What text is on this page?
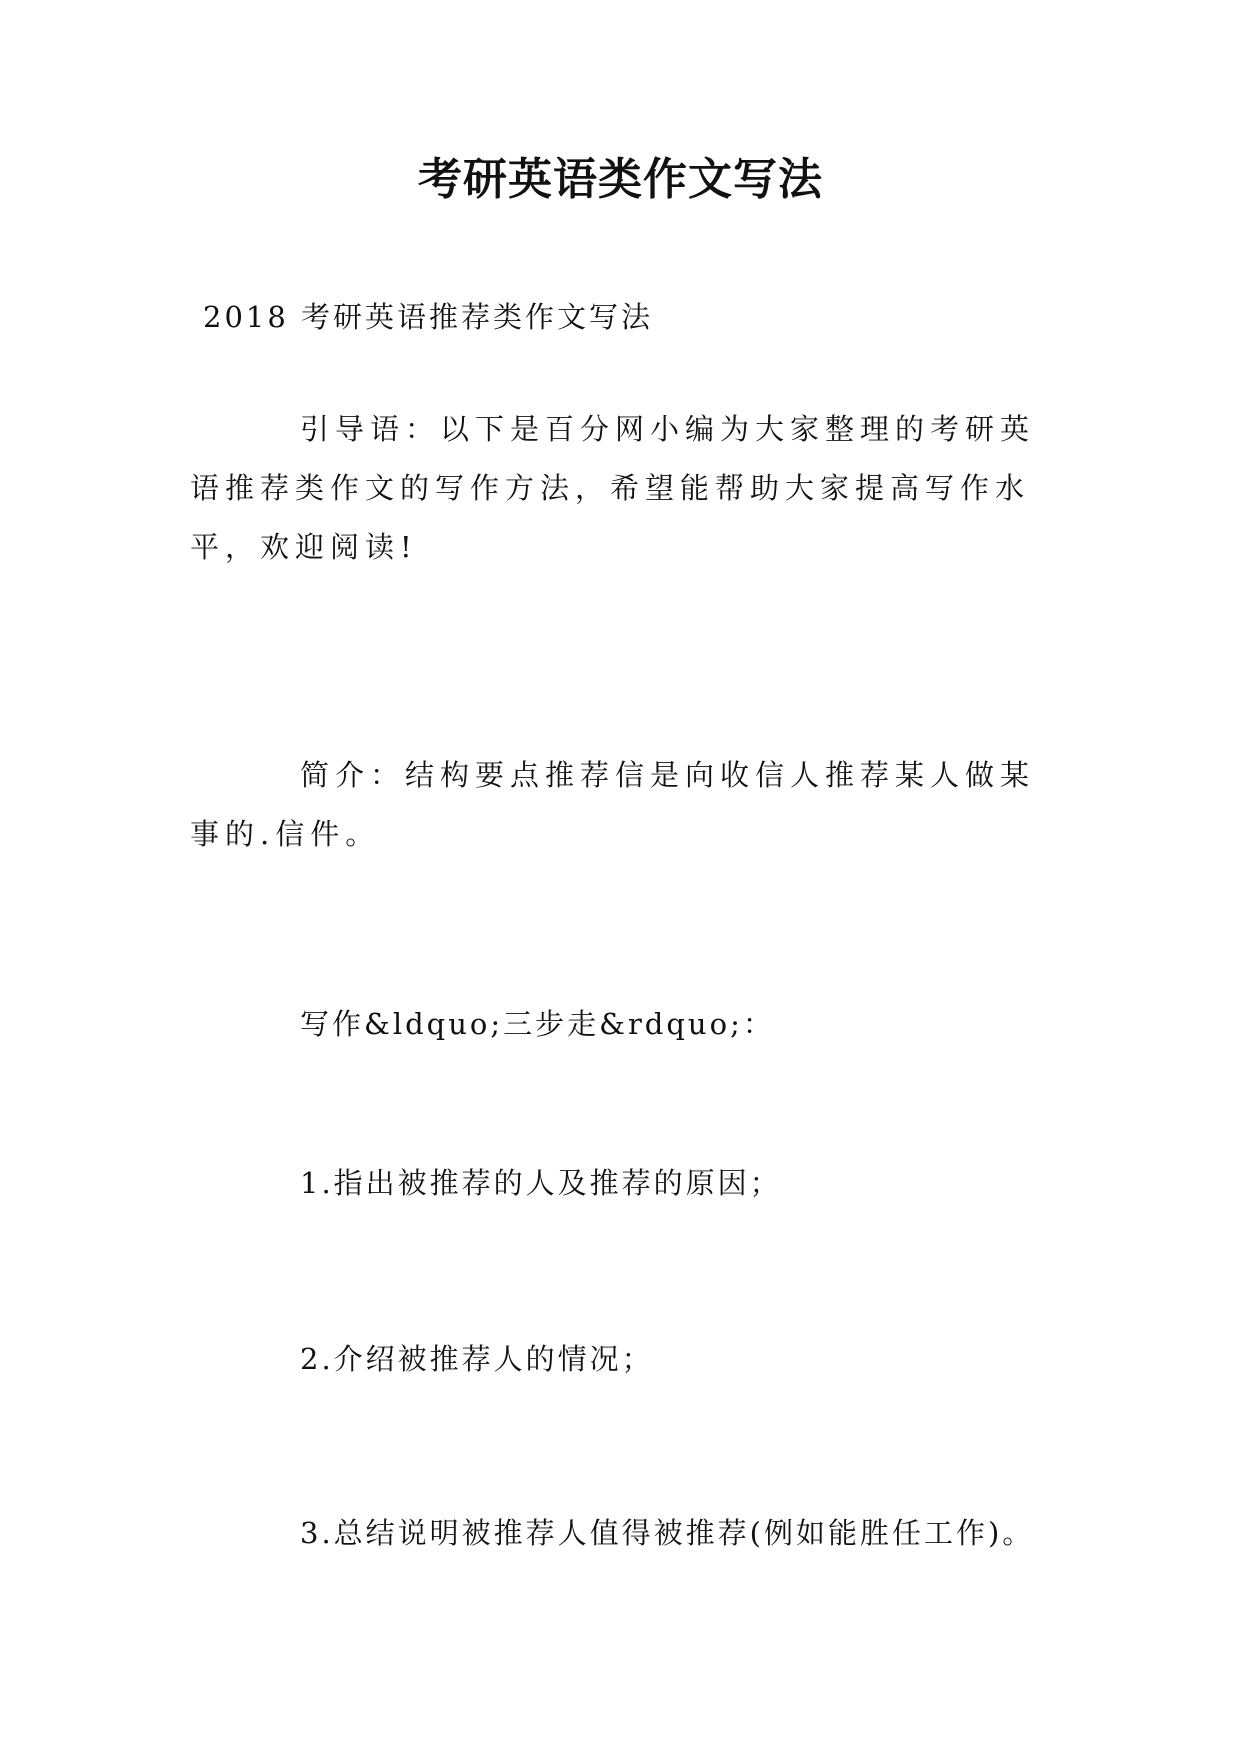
考研英语类作文写法
2018 考研英语推荐类作文写法
引导语：以下是百分网小编为大家整理的考研英语推荐类作文的写作方法，希望能帮助大家提高写作水平，欢迎阅读!
简介：结构要点推荐信是向收信人推荐某人做某事的.信件。
写作&ldquo;三步走&rdquo;：
1.指出被推荐的人及推荐的原因；
2.介绍被推荐人的情况；
3.总结说明被推荐人值得被推荐(例如能胜任工作)。
